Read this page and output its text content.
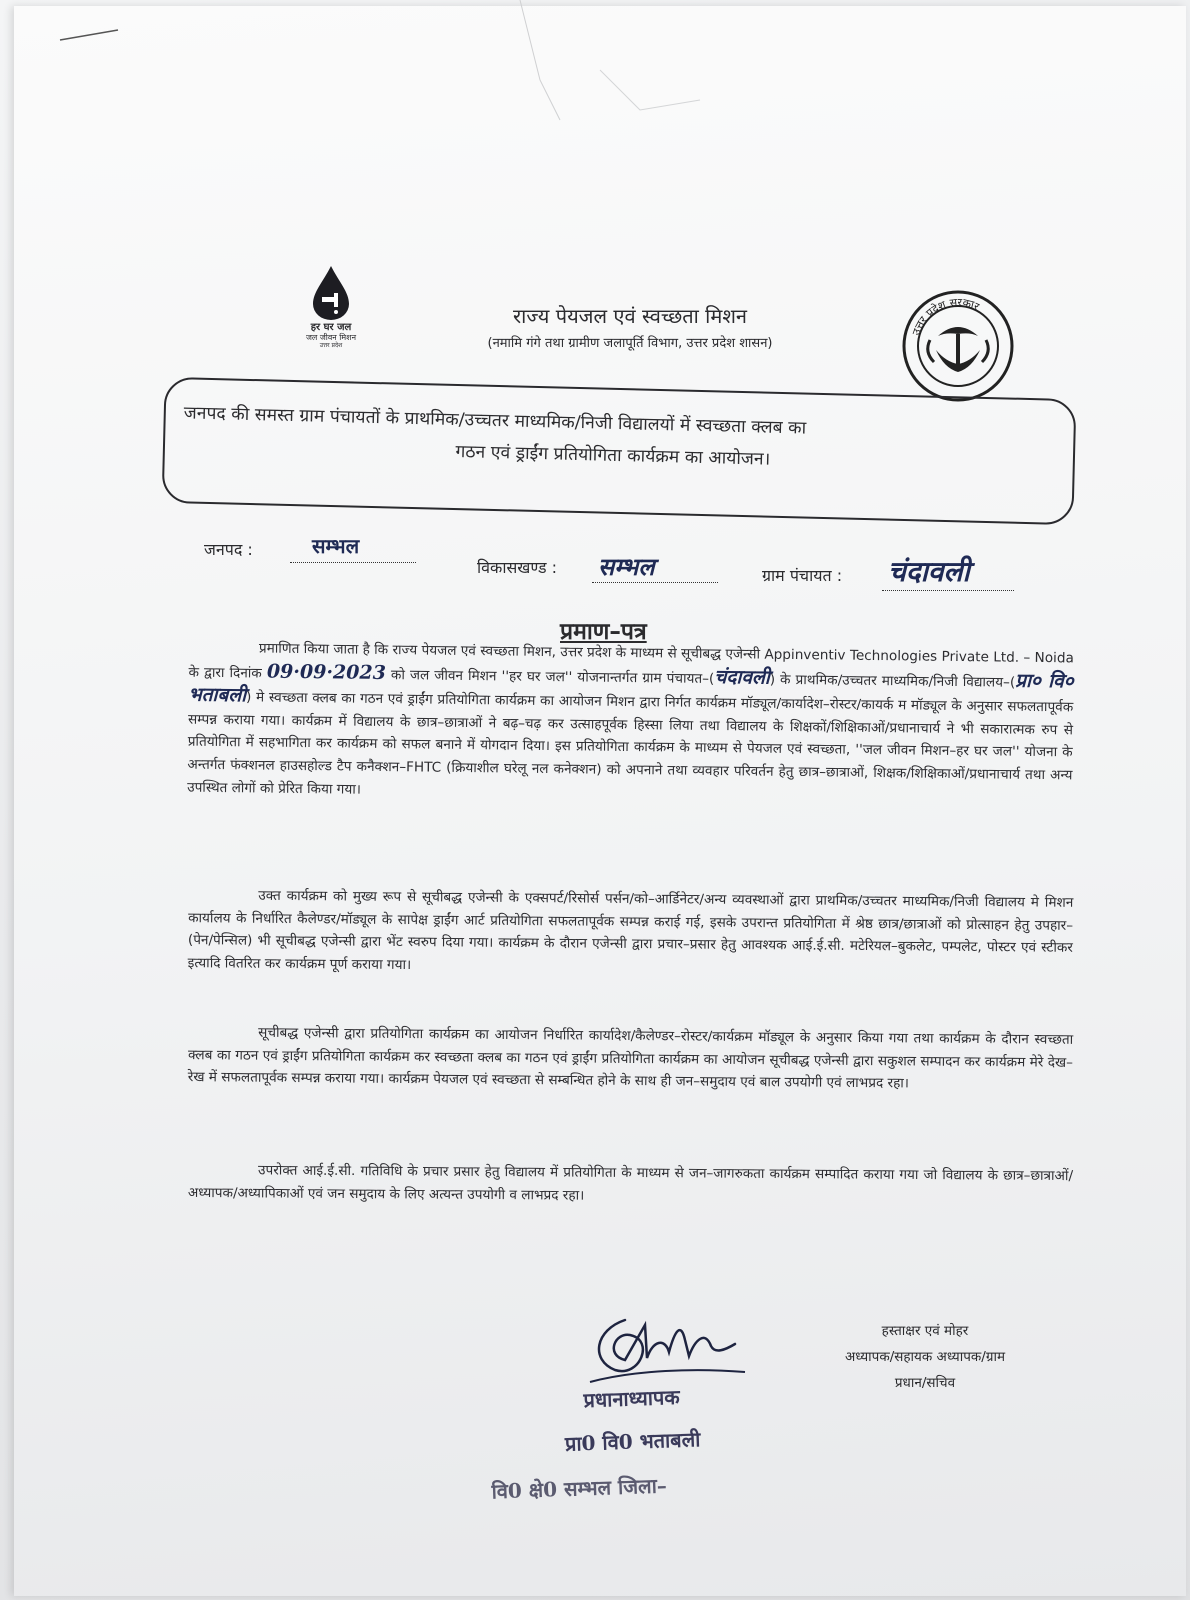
हर घर जल
जल जीवन मिशन
उत्तर प्रदेश
राज्य पेयजल एवं स्वच्छता मिशन
(नमामि गंगे तथा ग्रामीण जलापूर्ति विभाग, उत्तर प्रदेश शासन)
उत्तर प्रदेश सरकार
जनपद की समस्त ग्राम पंचायतों के प्राथमिक/उच्चतर माध्यमिक/निजी विद्यालयों में स्वच्छता क्लब का
गठन एवं ड्राईंग प्रतियोगिता कार्यक्रम का आयोजन।
जनपद :	सम्भल
विकासखण्ड : सम्भल	ग्राम पंचायत : चंदावली
प्रमाण–पत्र
प्रमाणित किया जाता है कि राज्य पेयजल एवं स्वच्छता मिशन, उत्तर प्रदेश के माध्यम से सूचीबद्ध एजेन्सी Appinventiv Technologies Private Ltd. – Noida के द्वारा दिनांक 09·09·2023 को जल जीवन मिशन ''हर घर जल'' योजनान्तर्गत ग्राम पंचायत–(चंदावली) के प्राथमिक/उच्चतर माध्यमिक/निजी विद्यालय–(प्रा० वि० भताबली) मे स्वच्छता क्लब का गठन एवं ड्राईंग प्रतियोगिता कार्यक्रम का आयोजन मिशन द्वारा निर्गत कार्यक्रम मॉड्यूल/कार्यादेश–रोस्टर/कायर्क म मॉड्यूल के अनुसार सफलतापूर्वक सम्पन्न कराया गया। कार्यक्रम में विद्यालय के छात्र–छात्राओं ने बढ़–चढ़ कर उत्साहपूर्वक हिस्सा लिया तथा विद्यालय के शिक्षकों/शिक्षिकाओं/प्रधानाचार्य ने भी सकारात्मक रुप से प्रतियोगिता में सहभागिता कर कार्यक्रम को सफल बनाने में योगदान दिया। इस प्रतियोगिता कार्यक्रम के माध्यम से पेयजल एवं स्वच्छता, ''जल जीवन मिशन–हर घर जल'' योजना के अन्तर्गत फंक्शनल हाउसहोल्ड टैप कनैक्शन–FHTC (क्रियाशील घरेलू नल कनेक्शन) को अपनाने तथा व्यवहार परिवर्तन हेतु छात्र–छात्राओं, शिक्षक/शिक्षिकाओं/प्रधानाचार्य तथा अन्य उपस्थित लोगों को प्रेरित किया गया।
उक्त कार्यक्रम को मुख्य रूप से सूचीबद्ध एजेन्सी के एक्सपर्ट/रिसोर्स पर्सन/को–आर्डिनेटर/अन्य व्यवस्थाओं द्वारा प्राथमिक/उच्चतर माध्यमिक/निजी विद्यालय मे मिशन कार्यालय के निर्धारित कैलेण्डर/मॉड्यूल के सापेक्ष ड्राईंग आर्ट प्रतियोगिता सफलतापूर्वक सम्पन्न कराई गई, इसके उपरान्त प्रतियोगिता में श्रेष्ठ छात्र/छात्राओं को प्रोत्साहन हेतु उपहार–(पेन/पेन्सिल) भी सूचीबद्ध एजेन्सी द्वारा भेंट स्वरुप दिया गया। कार्यक्रम के दौरान एजेन्सी द्वारा प्रचार–प्रसार हेतु आवश्यक आई.ई.सी. मटेरियल–बुकलेट, पम्पलेट, पोस्टर एवं स्टीकर इत्यादि वितरित कर कार्यक्रम पूर्ण कराया गया।
सूचीबद्ध एजेन्सी द्वारा प्रतियोगिता कार्यक्रम का आयोजन निर्धारित कार्यादेश/कैलेण्डर–रोस्टर/कार्यक्रम मॉड्यूल के अनुसार किया गया तथा कार्यक्रम के दौरान स्वच्छता क्लब का गठन एवं ड्राईंग प्रतियोगिता कार्यक्रम कर स्वच्छता क्लब का गठन एवं ड्राईंग प्रतियोगिता कार्यक्रम का आयोजन सूचीबद्ध एजेन्सी द्वारा सकुशल सम्पादन कर कार्यक्रम मेरे देख–रेख में सफलतापूर्वक सम्पन्न कराया गया। कार्यक्रम पेयजल एवं स्वच्छता से सम्बन्धित होने के साथ ही जन–समुदाय एवं बाल उपयोगी एवं लाभप्रद रहा।
उपरोक्त आई.ई.सी. गतिविधि के प्रचार प्रसार हेतु विद्यालय में प्रतियोगिता के माध्यम से जन–जागरुकता कार्यक्रम सम्पादित कराया गया जो विद्यालय के छात्र–छात्राओं/अध्यापक/अध्यापिकाओं एवं जन समुदाय के लिए अत्यन्त उपयोगी व लाभप्रद रहा।
हस्ताक्षर एवं मोहर
अध्यापक/सहायक अध्यापक/ग्राम
प्रधान/सचिव
प्रधानाध्यापक
प्रा0 वि0 भताबली
वि0 क्षे0 सम्भल जिला–
